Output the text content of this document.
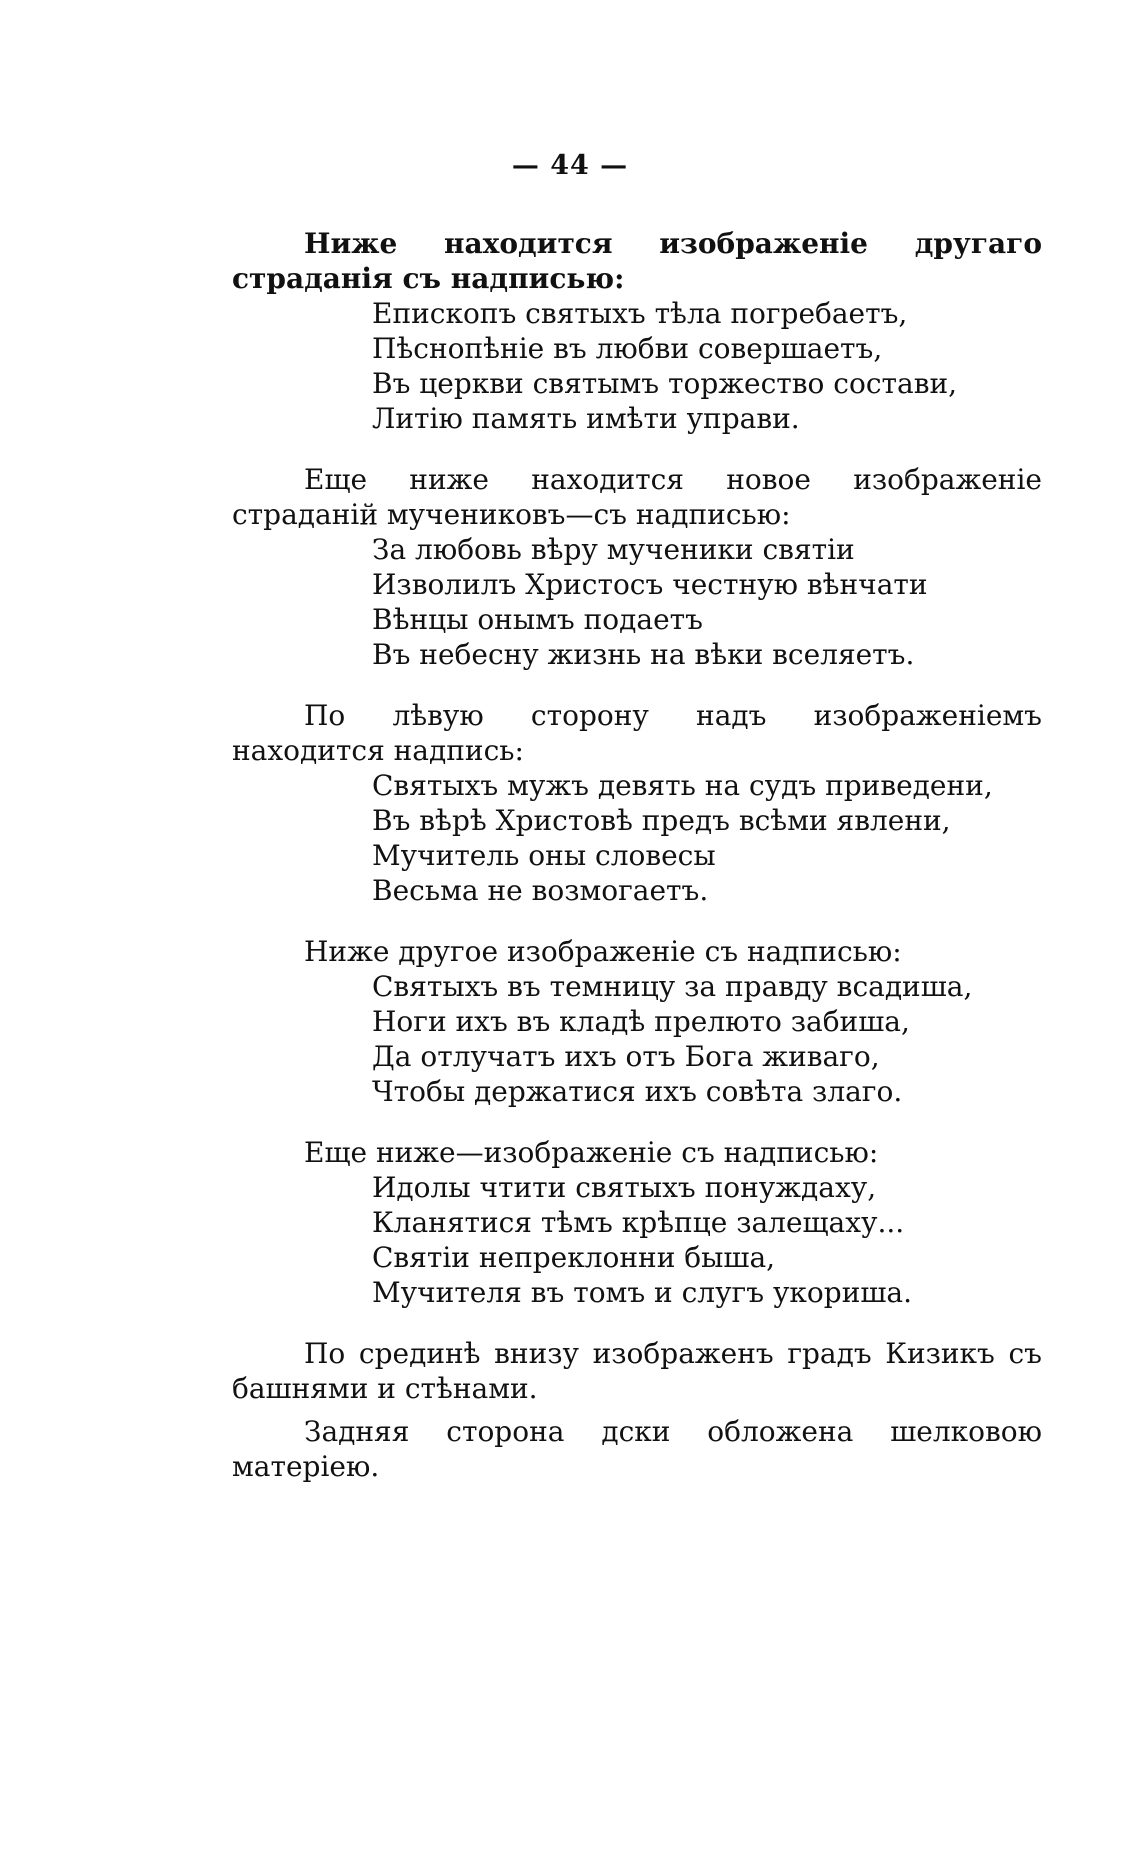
— 44 —

Ниже находится изображеніе другаго страданія съ надписью:

Епископъ святыхъ тѣла погребаетъ,
Пѣснопѣніе въ любви совершаетъ,
Въ церкви святымъ торжество состави,
Литію память имѣти управи.

Еще ниже находится новое изображеніе страданій мучениковъ—съ надписью:

За любовь вѣру мученики святіи
Изволилъ Христосъ честную вѣнчати
Вѣнцы онымъ подаетъ
Въ небесну жизнь на вѣки вселяетъ.

По лѣвую сторону надъ изображеніемъ находится надпись:

Святыхъ мужъ девять на судъ приведени,
Въ вѣрѣ Христовѣ предъ всѣми явлени,
Мучитель оны словесы
Весьма не возмогаетъ.

Ниже другое изображеніе съ надписью:

Святыхъ въ темницу за правду всадиша,
Ноги ихъ въ кладѣ прелюто забиша,
Да отлучатъ ихъ отъ Бога живаго,
Чтобы держатися ихъ совѣта злаго.

Еще ниже—изображеніе съ надписью:

Идолы чтити святыхъ понуждаху,
Кланятися тѣмъ крѣпце залещаху...
Святіи непреклонни быша,
Мучителя въ томъ и слугъ укориша.

По срединѣ внизу изображенъ градъ Кизикъ съ башнями и стѣнами.

Задняя сторона дски обложена шелковою матеріею.
